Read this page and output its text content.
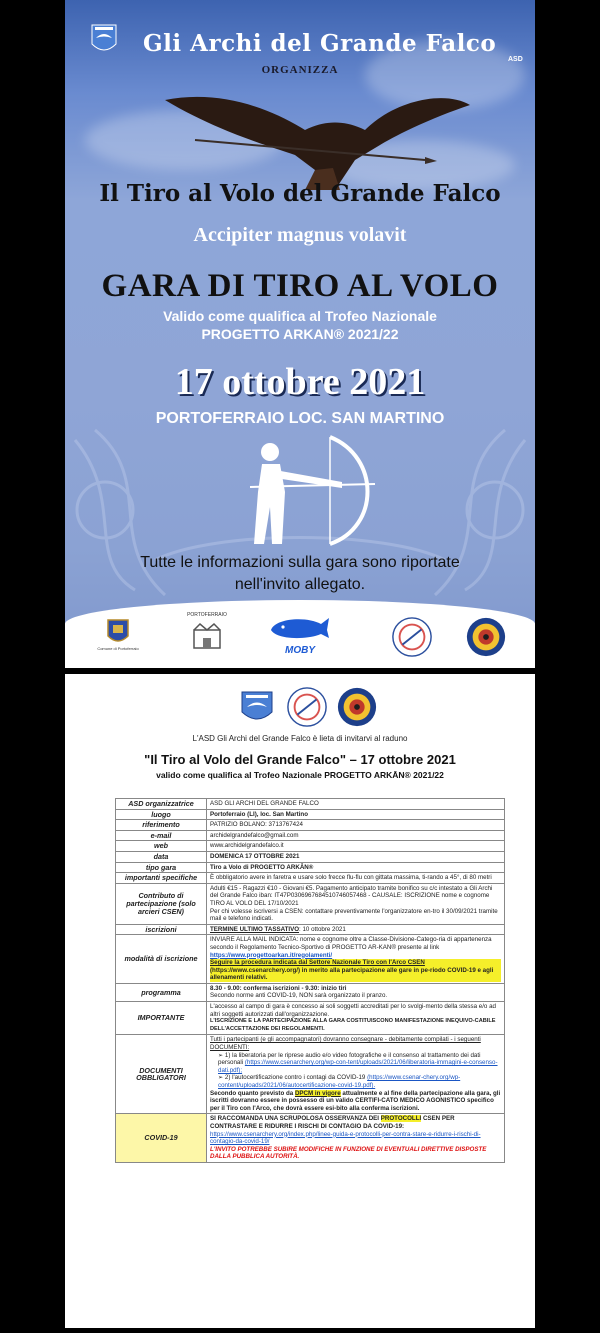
Gli Archi del Grande Falco
ASD
ORGANIZZA
Il Tiro al Volo del Grande Falco
Accipiter magnus volavit
GARA DI TIRO AL VOLO
Valido come qualifica al Trofeo Nazionale
PROGETTO ARKAN® 2021/22
17 ottobre 2021
PORTOFERRAIO LOC. SAN MARTINO
Tutte le informazioni sulla gara sono riportate
nell'invito allegato.
Comune di Portoferraio
PORTOFERRAIO
MOBY
L'ASD Gli Archi del Grande Falco è lieta di invitarvi al raduno
"Il Tiro al Volo del Grande Falco" – 17 ottobre 2021
valido come qualifica al Trofeo Nazionale PROGETTO ARKĀN® 2021/22
ASD organizzatrice	ASD GLI ARCHI DEL GRANDE FALCO
luogo	Portoferraio (LI), loc. San Martino
riferimento	PATRIZIO BOLANO: 3713767424
e-mail	archidelgrandefalco@gmail.com
web	www.archidelgrandefalco.it
data	DOMENICA 17 OTTOBRE 2021
tipo gara	Tiro a Volo di PROGETTO ARKĀN®
importanti specifiche	È obbligatorio avere in faretra e usare solo frecce flu-flu con gittata massima, ti-rando a 45°, di 80 metri
Contributo di partecipazione (solo arcieri CSEN)	Adulti €15 - Ragazzi €10 - Giovani €5. Pagamento anticipato tramite bonifico su c/c intestato a Gli Archi del Grande Falco iban: IT47P0306967684510746057468 - CAUSALE: ISCRIZIONE nome e cognome TIRO AL VOLO DEL 17/10/2021
Per chi volesse iscriversi a CSEN: contattare preventivamente l'organizzatore en-tro il 30/09/2021 tramite mail e telefono indicati.

iscrizioni	TERMINE ULTIMO TASSATIVO: 10 ottobre 2021
modalità di iscrizione	INVIARE ALLA MAIL INDICATA: nome e cognome oltre a Classe-Divisione-Catego-ria di appartenenza secondo il Regolamento Tecnico-Sportivo di PROGETTO AR-KAN® presente al link https://www.progettoarkan.it/regolamenti/
Seguire la procedura indicata dal Settore Nazionale Tiro con l'Arco CSEN
(https://www.csenarchery.org/) in merito alla partecipazione alle gare in pe-riodo COVID-19 e agli allenamenti relativi.

programma	8.30 - 9.00: conferma iscrizioni - 9.30: inizio tiri
Secondo norme anti COVID-19, NON sarà organizzato il pranzo.

IMPORTANTE	L'accesso al campo di gara è concesso ai soli soggetti accreditati per lo svolgi-mento della stessa e/o ad altri soggetti autorizzati dall'organizzazione.
L'ISCRIZIONE E LA PARTECIPAZIONE ALLA GARA COSTITUISCONO MANIFESTAZIONE INEQUIVO-CABILE DELL'ACCETTAZIONE DEI REGOLAMENTI.

DOCUMENTI OBBLIGATORI	Tutti i partecipanti (e gli accompagnatori) dovranno consegnare - debitamente compilati - i seguenti DOCUMENTI:
➢ 1) la liberatoria per le riprese audio e/o video fotografiche e il consenso al trattamento dei dati personali (https://www.csenarchery.org/wp-con-tent/uploads/2021/06/liberatoria-immagini-e-consenso-dati.pdf);
➢ 2) l'autocertificazione contro i contagi da COVID-19 (https://www.csenar-chery.org/wp-content/uploads/2021/06/autocertificazione-covid-19.pdf).
Secondo quanto previsto da DPCM in vigore attualmente e al fine della partecipazione alla gara, gli iscritti dovranno essere in possesso di un valido CERTIFI-CATO MEDICO AGONISTICO specifico per il Tiro con l'Arco, che dovrà essere esi-bito alla conferma iscrizioni.

COVID-19	SI RACCOMANDA UNA SCRUPOLOSA OSSERVANZA DEI PROTOCOLLI CSEN PER CONTRASTARE E RIDURRE I RISCHI DI CONTAGIO DA COVID-19:
https://www.csenarchery.org/index.php/linee-guida-e-protocolli-per-contra-stare-e-ridurre-i-rischi-di-contagio-da-covid-19/
L'INVITO POTREBBE SUBIRE MODIFICHE IN FUNZIONE DI EVENTUALI DIRETTIVE DISPOSTE DALLA PUBBLICA AUTORITÀ.
